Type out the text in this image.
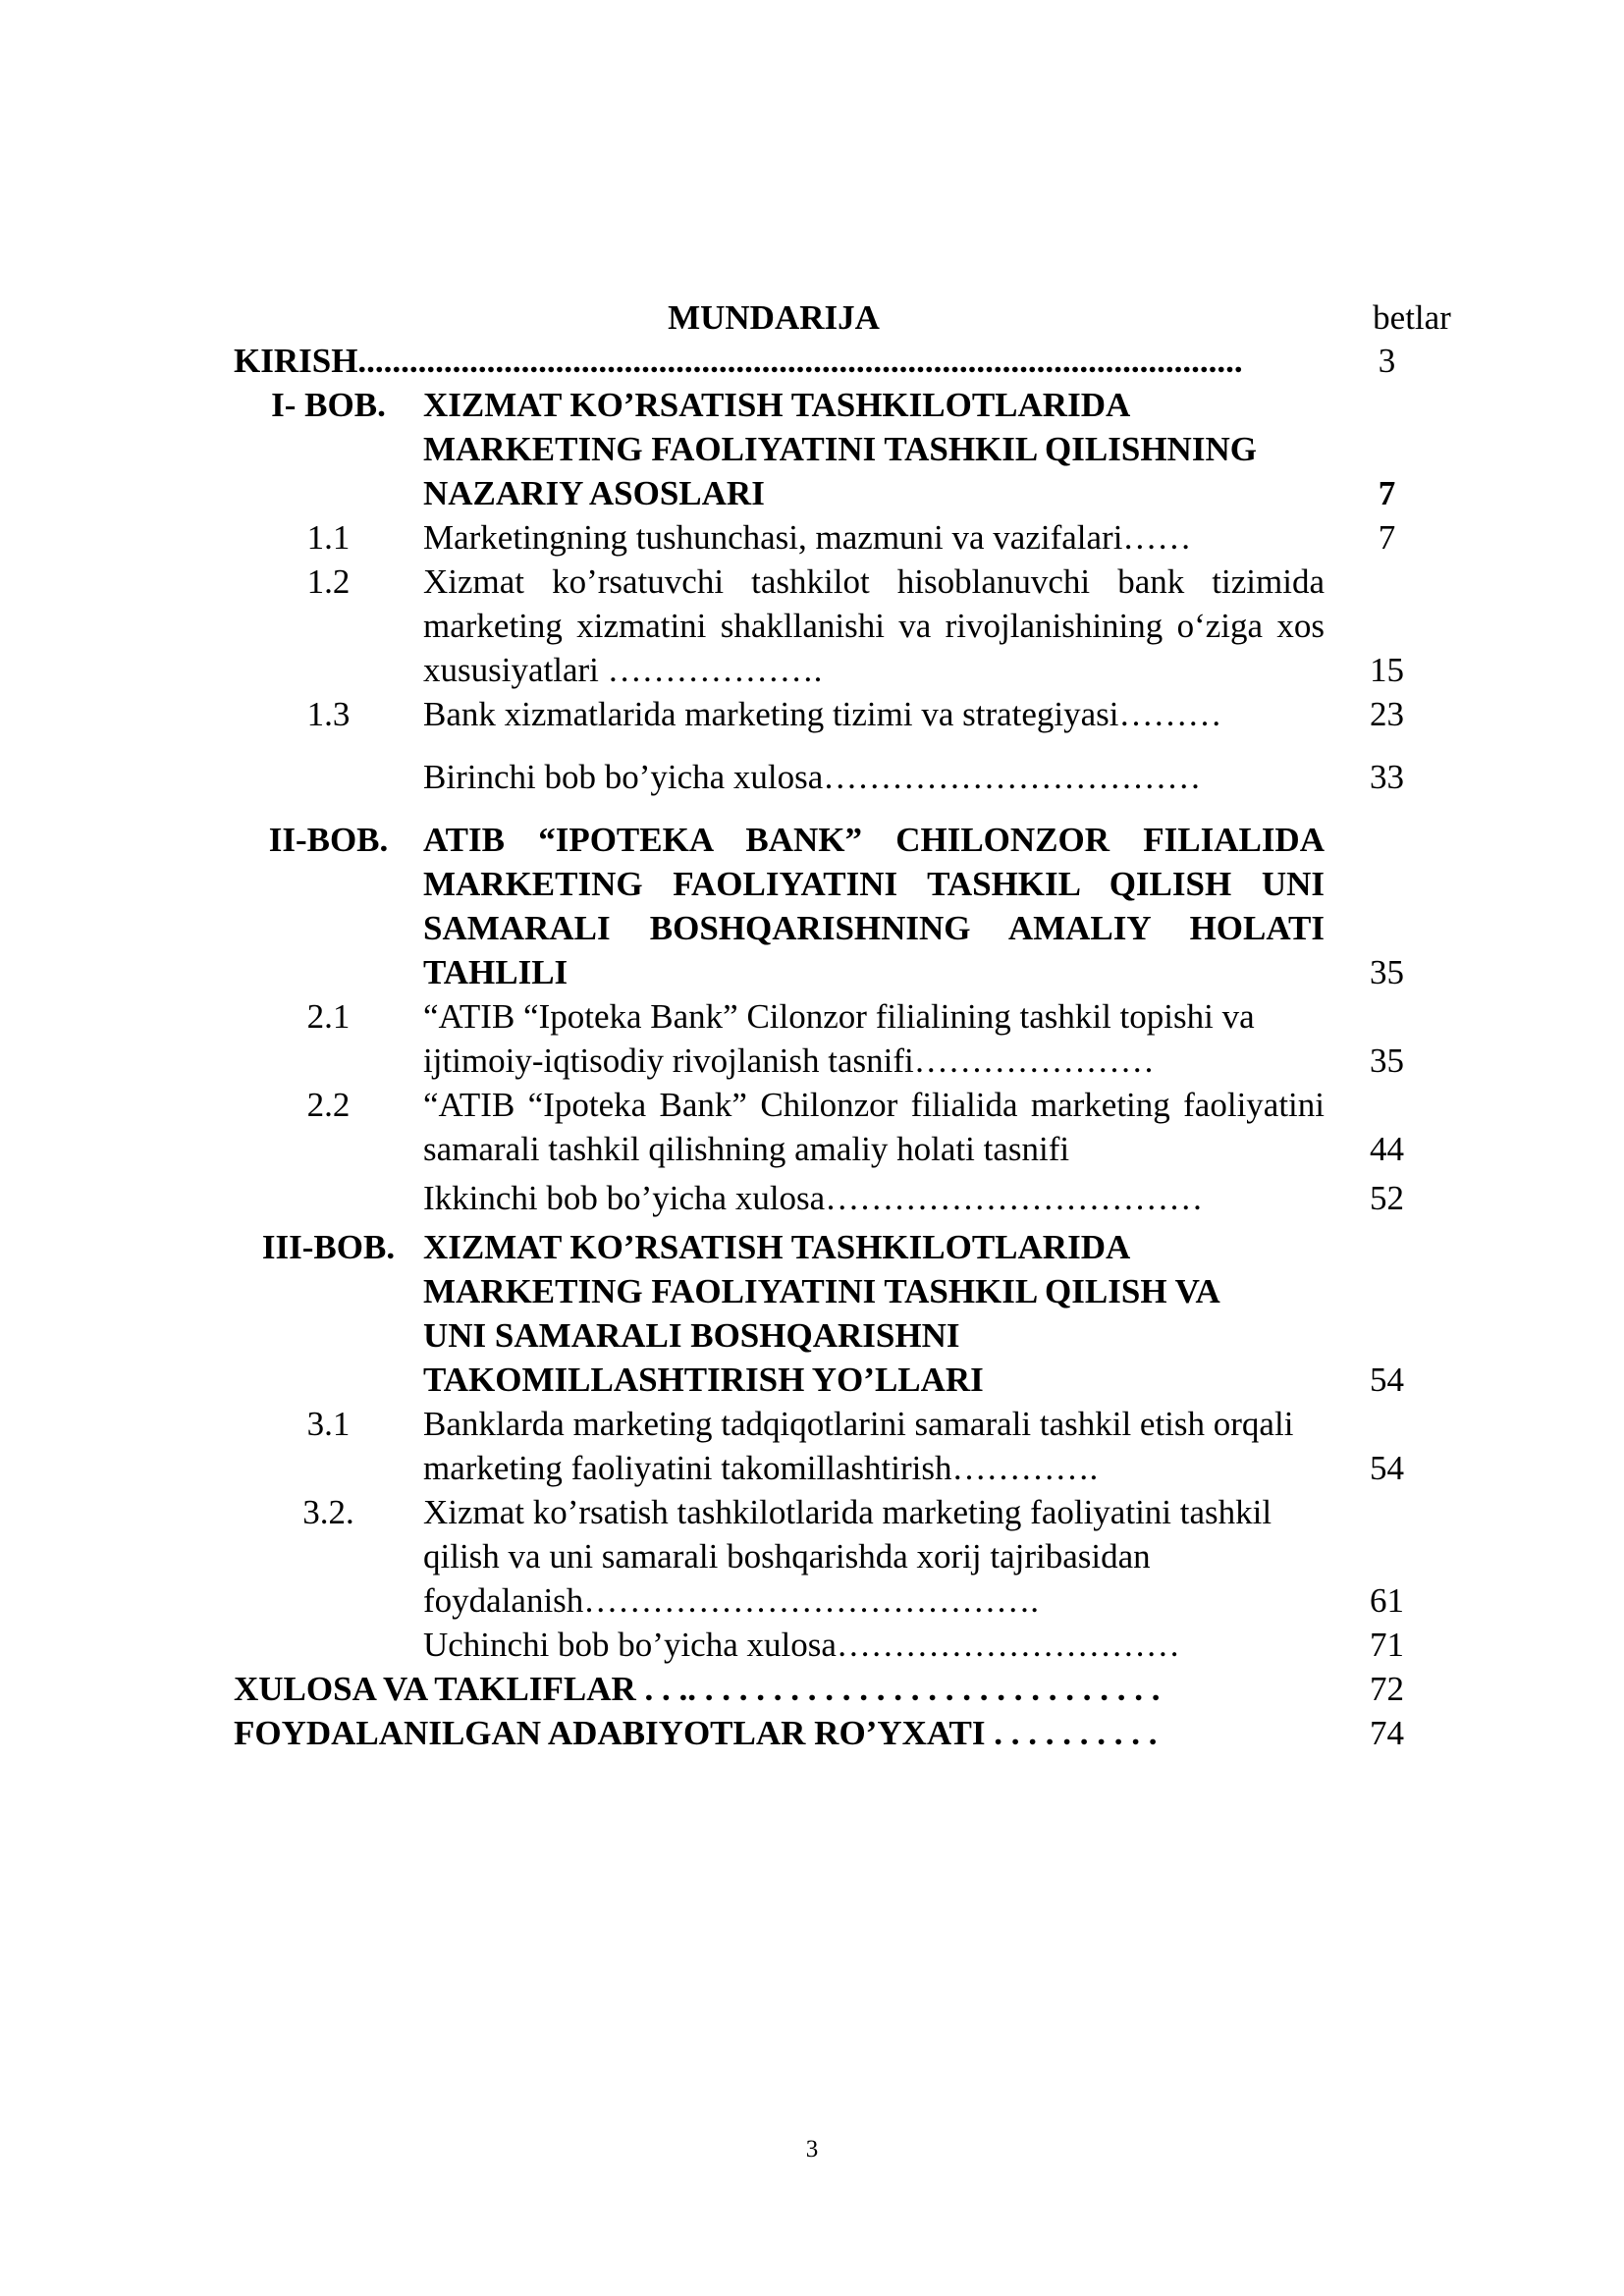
MUNDARIJA	betlar
KIRISH.......................................................................................................	3
I- BOB.	XIZMAT KO’RSATISH TASHKILOTLARIDA MARKETING FAOLIYATINI TASHKIL QILISHNING NAZARIY ASOSLARI	7
1.1	Marketingning tushunchasi, mazmuni va vazifalari……	7
1.2	Xizmat ko’rsatuvchi tashkilot hisoblanuvchi bank tizimida marketing xizmatini shakllanishi va rivojlanishining o‘ziga xos xususiyatlari ……………….	15
1.3	Bank xizmatlarida marketing tizimi va strategiyasi………	23
Birinchi bob bo’yicha xulosa……………………………	33
II-BOB.	ATIB “IPOTEKA BANK” CHILONZOR FILIALIDA MARKETING FAOLIYATINI TASHKIL QILISH UNI SAMARALI BOSHQARISHNING AMALIY HOLATI TAHLILI	35
2.1	“ATIB “Ipoteka Bank” Cilonzor filialining tashkil topishi va ijtimoiy-iqtisodiy rivojlanish tasnifi…………………	35
2.2	“ATIB “Ipoteka Bank” Chilonzor filialida marketing faoliyatini samarali tashkil qilishning amaliy holati tasnifi	44
Ikkinchi bob bo’yicha xulosa……………………………	52
III-BOB. XIZMAT KO’RSATISH TASHKILOTLARIDA MARKETING FAOLIYATINI TASHKIL QILISH VA UNI SAMARALI BOSHQARISHNI TAKOMILLASHTIRISH YO’LLARI	54
3.1	Banklarda marketing tadqiqotlarini samarali tashkil etish orqali marketing faoliyatini takomillashtirish………….	54
3.2.	Xizmat ko’rsatish tashkilotlarida marketing faoliyatini tashkil qilish va uni samarali boshqarishda xorij tajribasidan foydalanish………………………………….	61
Uchinchi bob bo’yicha xulosa…………………………	71
XULOSA VA TAKLIFLAR . . .. . . . . . . . . . . . . . . . . . . . . . . . . . . .	72
FOYDALANILGAN ADABIYOTLAR RO’YXATI . . . . . . . . . .	74
3
